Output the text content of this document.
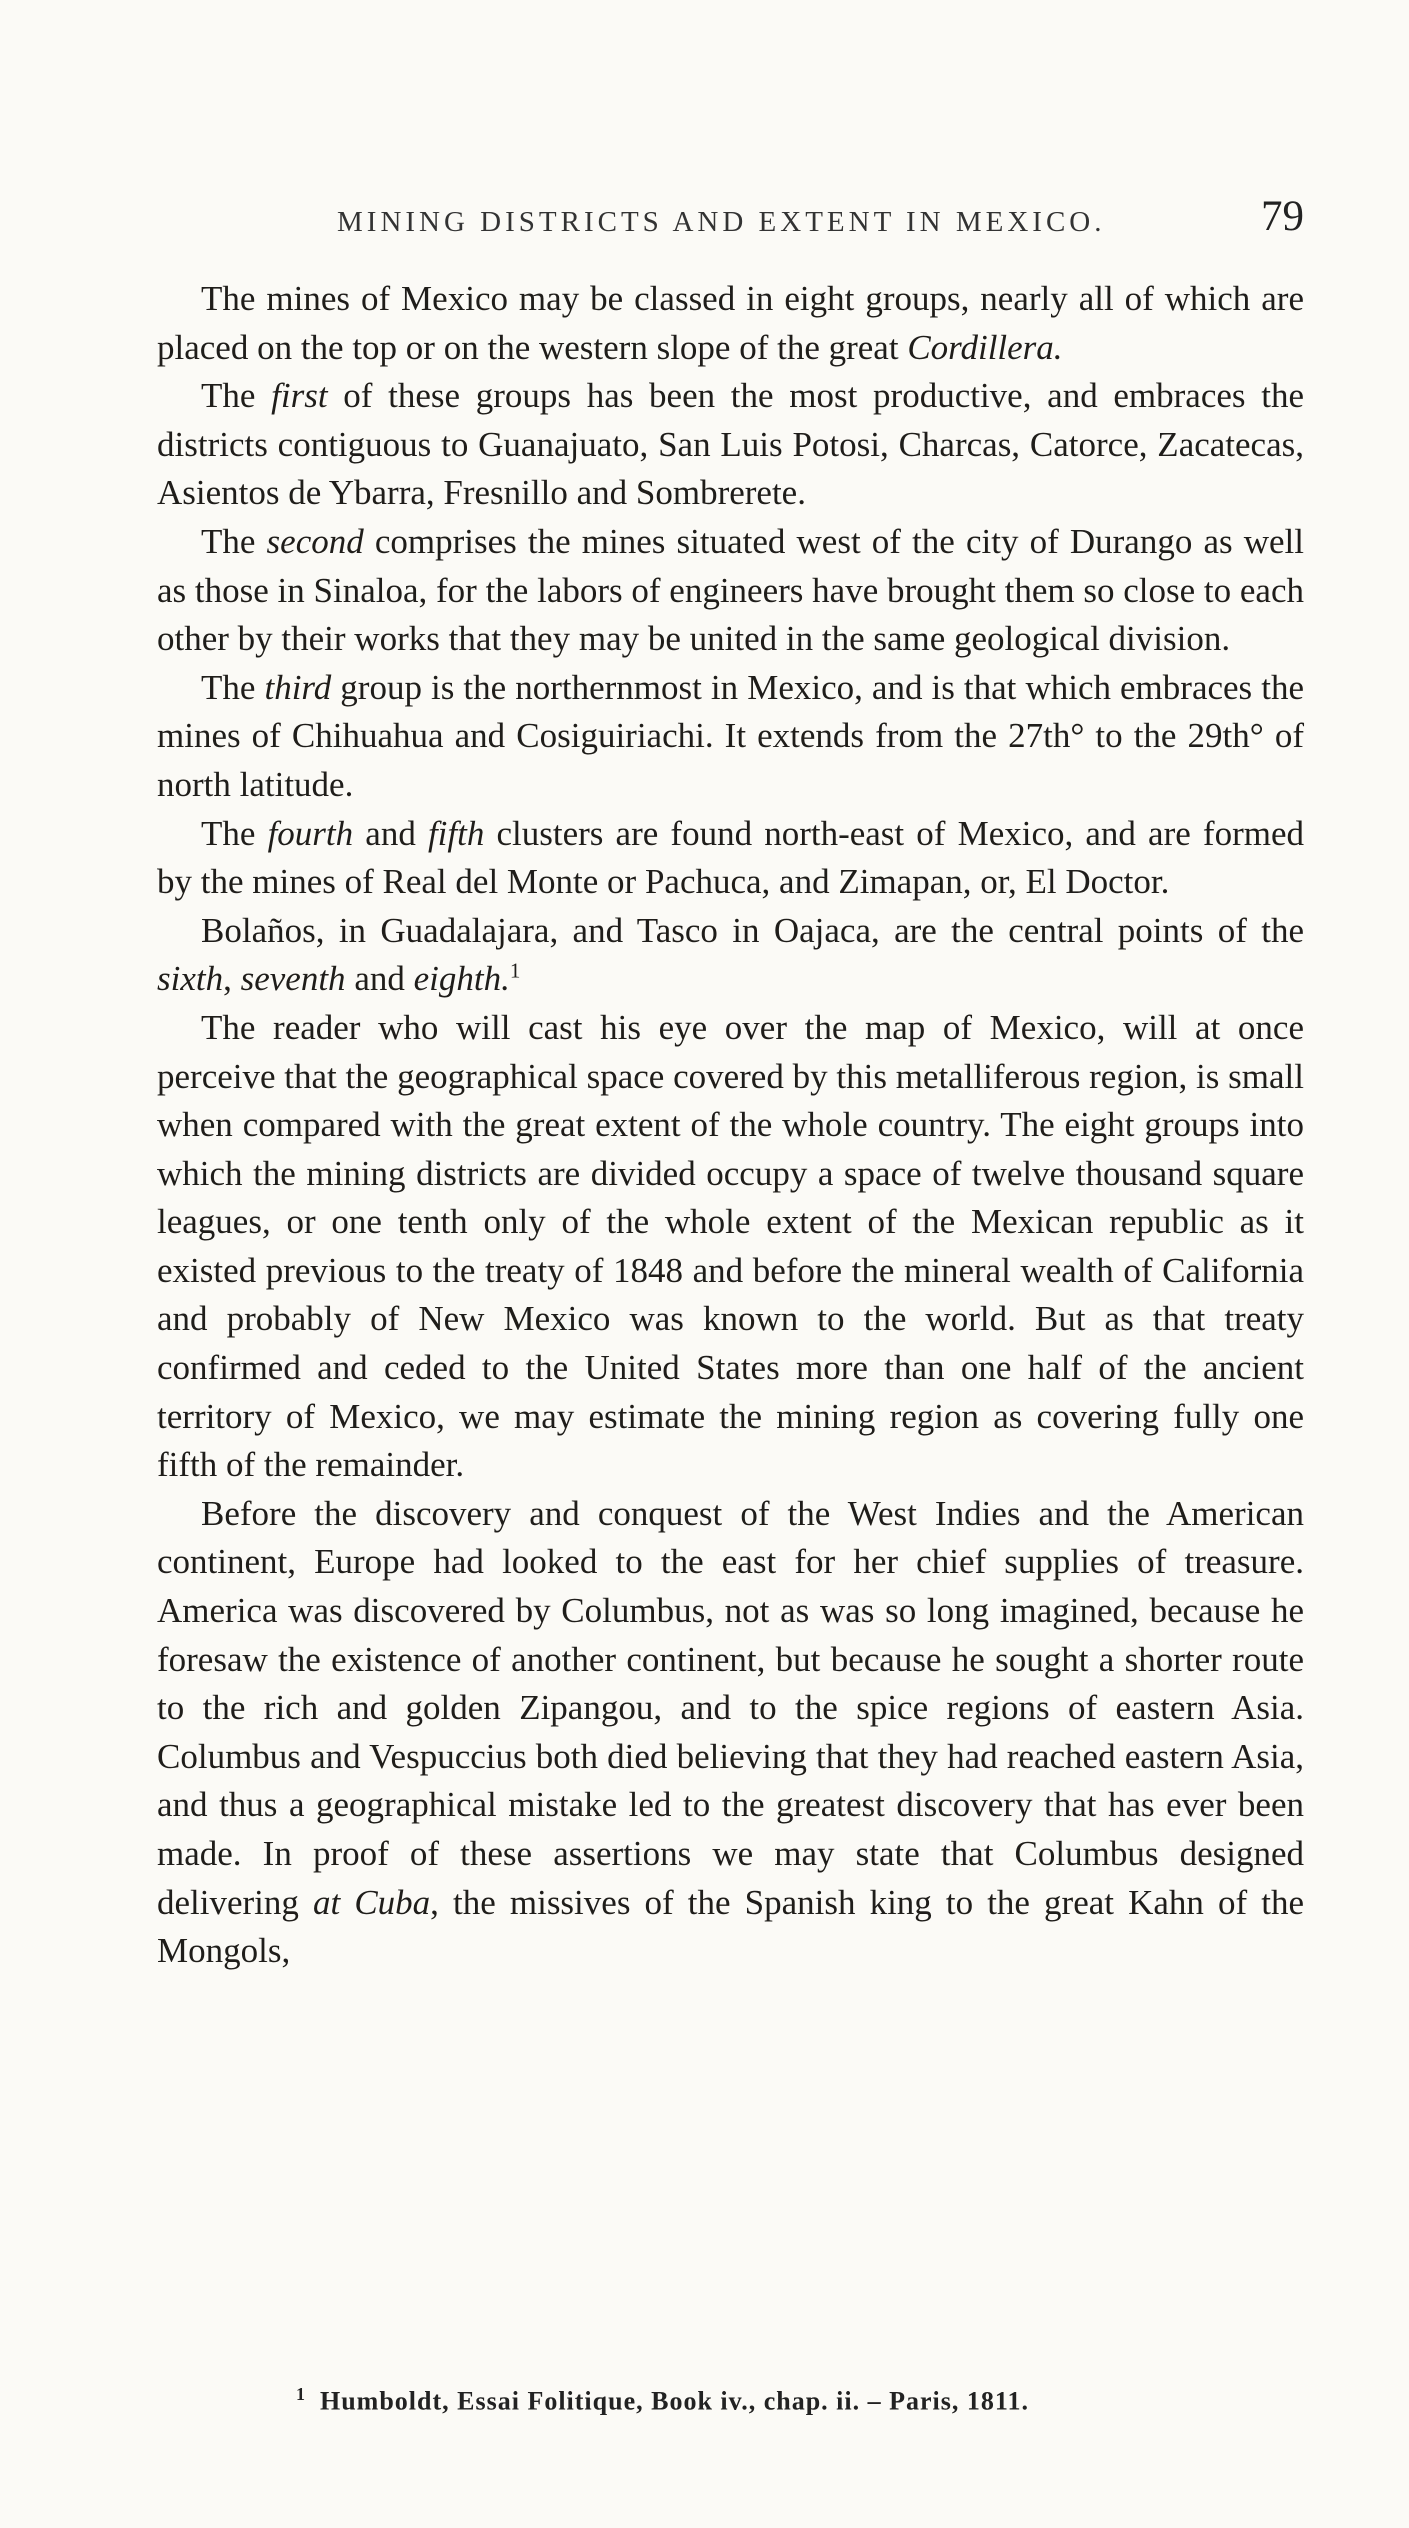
MINING DISTRICTS AND EXTENT IN MEXICO.	79

The mines of Mexico may be classed in eight groups, nearly all of which are placed on the top or on the western slope of the great Cordillera.

The first of these groups has been the most productive, and embraces the districts contiguous to Guanajuato, San Luis Potosi, Charcas, Catorce, Zacatecas, Asientos de Ybarra, Fresnillo and Sombrerete.

The second comprises the mines situated west of the city of Durango as well as those in Sinaloa, for the labors of engineers have brought them so close to each other by their works that they may be united in the same geological division.

The third group is the northernmost in Mexico, and is that which embraces the mines of Chihuahua and Cosiguiriachi. It extends from the 27th° to the 29th° of north latitude.

The fourth and fifth clusters are found north-east of Mexico, and are formed by the mines of Real del Monte or Pachuca, and Zimapan, or, El Doctor.

Bolaños, in Guadalajara, and Tasco in Oajaca, are the central points of the sixth, seventh and eighth.$^1$

The reader who will cast his eye over the map of Mexico, will at once perceive that the geographical space covered by this metalliferous region, is small when compared with the great extent of the whole country. The eight groups into which the mining districts are divided occupy a space of twelve thousand square leagues, or one tenth only of the whole extent of the Mexican republic as it existed previous to the treaty of 1848 and before the mineral wealth of California and probably of New Mexico was known to the world. But as that treaty confirmed and ceded to the United States more than one half of the ancient territory of Mexico, we may estimate the mining region as covering fully one fifth of the remainder.

Before the discovery and conquest of the West Indies and the American continent, Europe had looked to the east for her chief supplies of treasure. America was discovered by Columbus, not as was so long imagined, because he foresaw the existence of another continent, but because he sought a shorter route to the rich and golden Zipangou, and to the spice regions of eastern Asia. Columbus and Vespuccius both died believing that they had reached eastern Asia, and thus a geographical mistake led to the greatest discovery that has ever been made. In proof of these assertions we may state that Columbus designed delivering at Cuba, the missives of the Spanish king to the great Kahn of the Mongols,

$^1$ Humboldt, Essai Folitique, Book iv., chap. ii. – Paris, 1811.
